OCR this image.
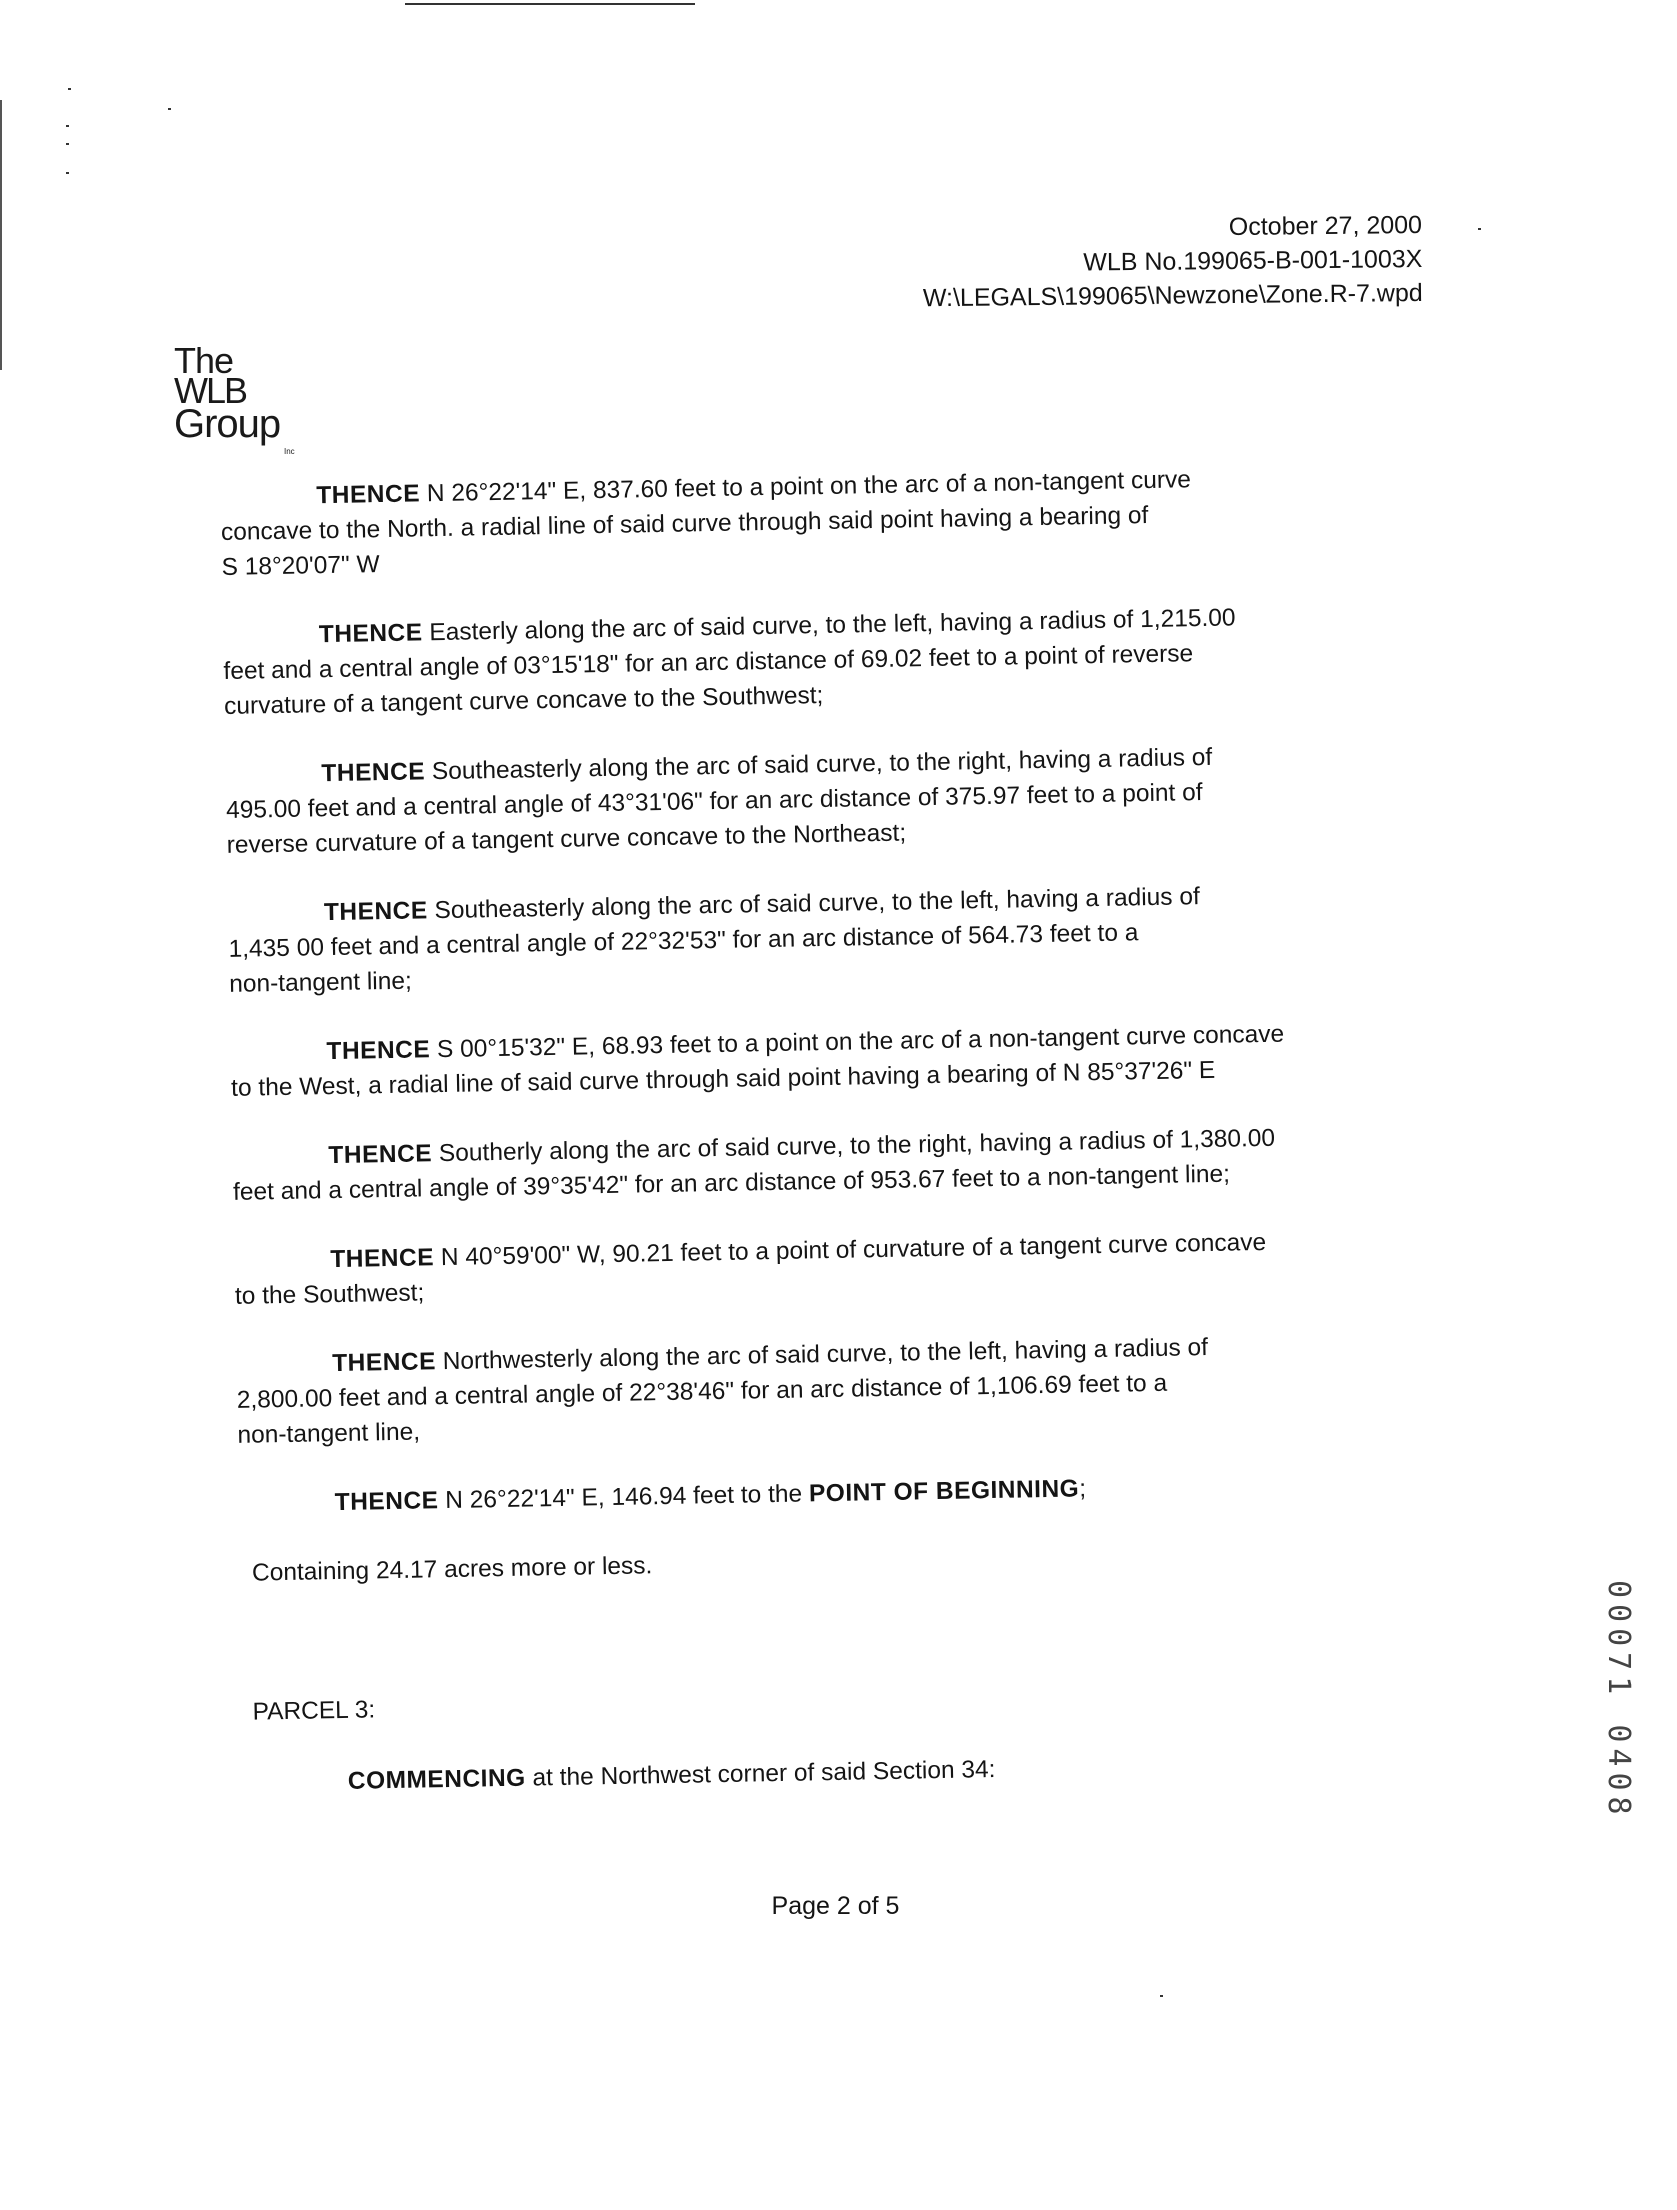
October 27, 2000
WLB No.199065-B-001-1003X
W:\LEGALS\199065\Newzone\Zone.R-7.wpd
The
WLB
Group
Inc

THENCE N 26°22'14" E, 837.60 feet to a point on the arc of a non-tangent curve
concave to the North. a radial line of said curve through said point having a bearing of
S 18°20'07" W

THENCE Easterly along the arc of said curve, to the left, having a radius of 1,215.00
feet and a central angle of 03°15'18" for an arc distance of 69.02 feet to a point of reverse
curvature of a tangent curve concave to the Southwest;

THENCE Southeasterly along the arc of said curve, to the right, having a radius of
495.00 feet and a central angle of 43°31'06" for an arc distance of 375.97 feet to a point of
reverse curvature of a tangent curve concave to the Northeast;

THENCE Southeasterly along the arc of said curve, to the left, having a radius of
1,435 00 feet and a central angle of 22°32'53" for an arc distance of 564.73 feet to a
non-tangent line;

THENCE S 00°15'32" E, 68.93 feet to a point on the arc of a non-tangent curve concave
to the West, a radial line of said curve through said point having a bearing of N 85°37'26" E

THENCE Southerly along the arc of said curve, to the right, having a radius of 1,380.00
feet and a central angle of 39°35'42" for an arc distance of 953.67 feet to a non-tangent line;

THENCE N 40°59'00" W, 90.21 feet to a point of curvature of a tangent curve concave
to the Southwest;

THENCE Northwesterly along the arc of said curve, to the left, having a radius of
2,800.00 feet and a central angle of 22°38'46" for an arc distance of 1,106.69 feet to a
non-tangent line,

THENCE N 26°22'14" E, 146.94 feet to the POINT OF BEGINNING;

Containing 24.17 acres more or less.
PARCEL 3:
COMMENCING at the Northwest corner of said Section 34:
Page 2 of 5
00071 0408
